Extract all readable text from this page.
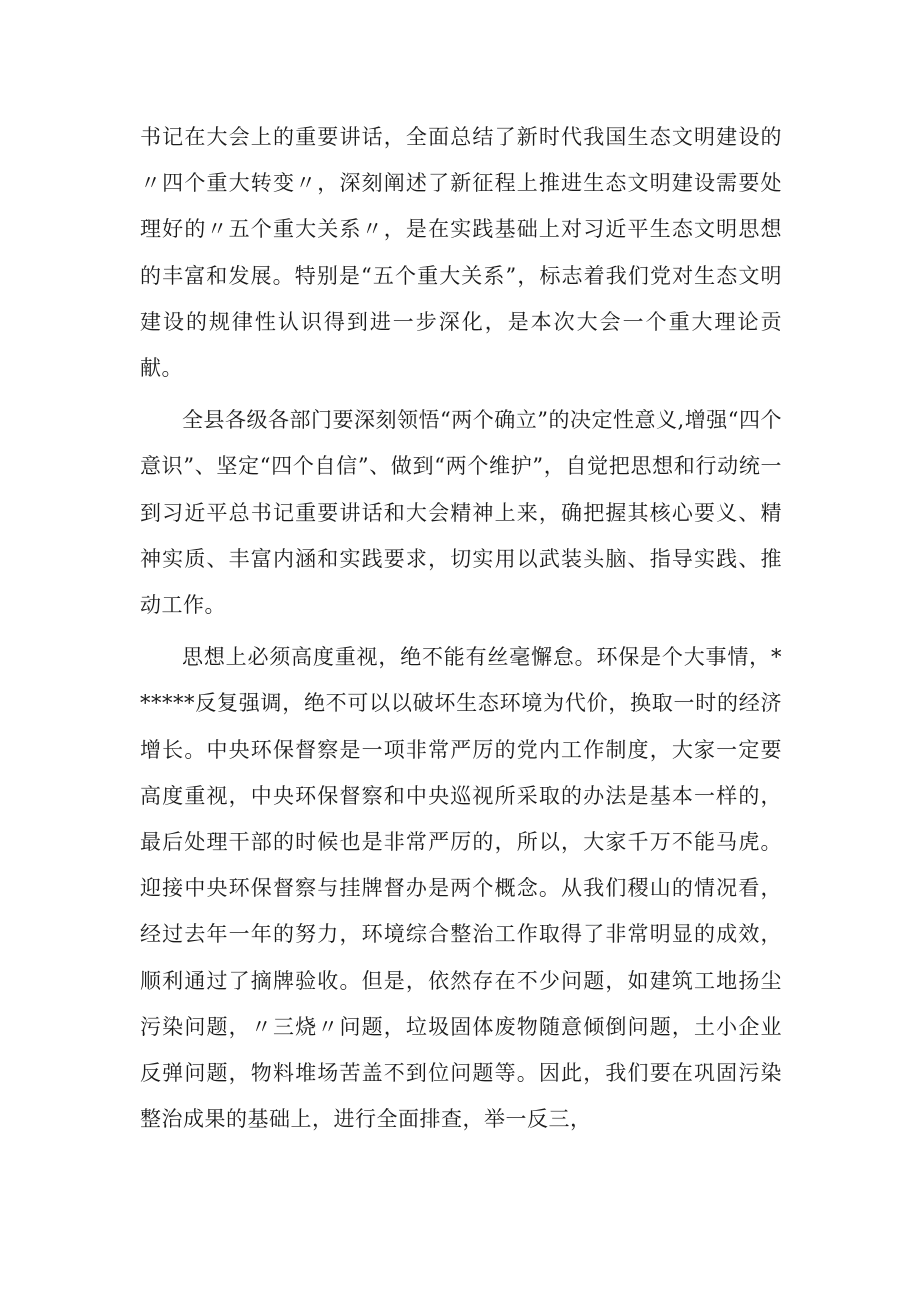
书记在大会上的重要讲话，全面总结了新时代我国生态文明建设的〃四个重大转变〃，深刻阐述了新征程上推进生态文明建设需要处理好的〃五个重大关系〃，是在实践基础上对习近平生态文明思想的丰富和发展。特别是“五个重大关系”，标志着我们党对生态文明建设的规律性认识得到进一步深化，是本次大会一个重大理论贡献。

全县各级各部门要深刻领悟“两个确立”的决定性意义,增强“四个意识”、坚定“四个自信”、做到“两个维护”，自觉把思想和行动统一到习近平总书记重要讲话和大会精神上来，确把握其核心要义、精神实质、丰富内涵和实践要求，切实用以武装头脑、指导实践、推动工作。

思想上必须高度重视，绝不能有丝毫懈怠。环保是个大事情，******反复强调，绝不可以以破坏生态环境为代价，换取一时的经济增长。中央环保督察是一项非常严厉的党内工作制度，大家一定要高度重视，中央环保督察和中央巡视所采取的办法是基本一样的，最后处理干部的时候也是非常严厉的，所以，大家千万不能马虎。迎接中央环保督察与挂牌督办是两个概念。从我们稷山的情况看，经过去年一年的努力，环境综合整治工作取得了非常明显的成效，顺利通过了摘牌验收。但是，依然存在不少问题，如建筑工地扬尘污染问题，〃三烧〃问题，垃圾固体废物随意倾倒问题，土小企业反弹问题，物料堆场苦盖不到位问题等。因此，我们要在巩固污染整治成果的基础上，进行全面排查，举一反三，
